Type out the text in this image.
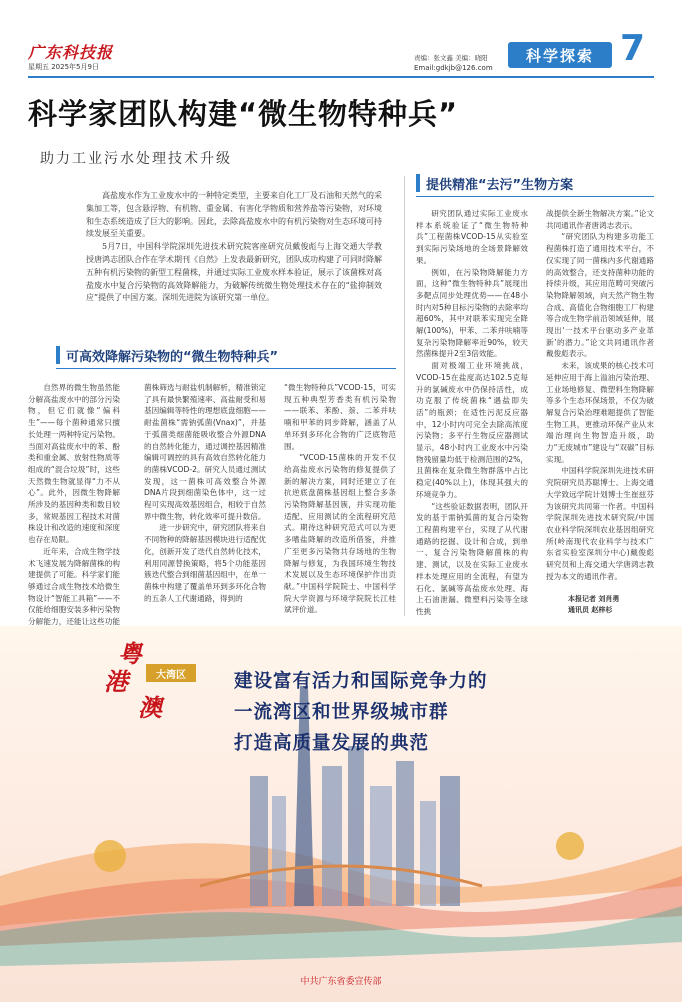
广东科技报
星期五 2025年5月9日
责编：张文鑫 美编：晓阳
Email:gdkjb@126.com
科学探索 7
科学家团队构建“微生物特种兵”
助力工业污水处理技术升级
提供精准“去污”生物方案

高盐废水作为工业废水中的一种特定类型，主要来自化工厂及石油和天然气的采集加工等，包含悬浮物、有机物、重金属、有害化学物质和营养盐等污染物，对环境和生态系统造成了巨大的影响。因此，去除高盐废水中的有机污染物对生态环境可持续发展至关重要。

5月7日，中国科学院深圳先进技术研究院客座研究员戴俊彪与上海交通大学教授唐鸿志团队合作在学术期刊《自然》上发表最新研究，团队成功构建了可同时降解五种有机污染物的新型工程菌株，并通过实际工业废水样本验证，展示了该菌株对高盐废水中复合污染物的高效降解能力，为破解传统微生物处理技术存在的“盐抑制效应”提供了中国方案。深圳先进院为该研究第一单位。

可高效降解污染物的“微生物特种兵”

自然界的微生物虽然能分解高盐废水中的部分污染物，但它们就像“偏科生”——每个菌种通常只擅长处理一两种特定污染物。当面对高盐废水中的苯、酚类和重金属、放射性物质等组成的“混合垃圾”时，这些天然微生物就显得“力不从心”。此外，因微生物降解所涉及的基因种类和数目较多，常规基因工程技术对菌株设计和改造的速度和深度也存在局限。

近年来，合成生物学技术飞速发展为降解菌株的构建提供了可能。科学家们能够通过合成生物技术给微生物设计“智能工具箱”——不仅能给细胞安装多种污染物分解能力，还能让这些功能

菌株筛选与耐盐机制解析，精准锁定了具有最快繁殖速率、高盐耐受和易基因编辑等特性的理想底盘细胞——耐盐菌株“需钠弧菌(Vnax)”，并基于弧菌类细菌能吸收整合外源DNA的自然转化能力，通过调控基因精准编辑可调控的具有高效自然转化能力的菌株VCOD-2。研究人员通过测试发现，这一菌株可高效整合外源DNA片段到细菌染色体中，这一过程可实现高效基因组合，相较于自然界中微生物，转化效率可提升数倍。

进一步研究中，研究团队将来自不同物种的降解基因模块进行适配优化，创新开发了迭代自然转化技术，利用同源替换策略，将5个功能基因簇迭代整合到细菌基因组中，在单一菌株中构建了覆盖单环到多环化合物的五条人工代谢通路，得到的

“微生物特种兵”VCOD-15，可实现五种典型芳香类有机污染物——联苯、苯酚、萘、二苯并呋喃和甲苯的同步降解，涵盖了从单环到多环化合物的广泛底物范围。

“VCOD-15菌株的开发不仅给高盐废水污染物的修复提供了新的解决方案，同时还建立了在抗逆底盘菌株基因组上整合多条污染物降解基因簇，并实现功能适配、应用测试的全流程研究范式。期待这种研究范式可以为更多嗜盐降解的改造所借鉴，并推广至更多污染物共存场地的生物降解与修复，为我国环境生物技术发展以及生态环境保护作出贡献。”中国科学院院士、中国科学院大学资源与环境学院院长江桂斌评价道。

研究团队通过实际工业废水样本系统验证了“微生物特种兵”工程菌株VCOD-15从实验室到实际污染场地的全场景降解效果。

例如，在污染物降解能力方面，这种“微生物特种兵”展现出多靶点同步处理优势——在48小时内对5种目标污染物的去除率均超60%，其中对联苯实现完全降解(100%)，甲苯、二苯并呋喃等复杂污染物降解率近90%，较天然菌株提升2至3倍效能。

面对极端工业环境挑战，VCOD-15在盐度高达102.5克每升的氯碱废水中仍保持活性，成功克服了传统菌株“遇盐即失活”的瓶颈；在适性污泥反应器中，12小时内可完全去除高浓度污染物；多平行生物反应器测试显示，48小时内工业废水中污染物残留量均低于检测范围的2%，且菌株在复杂微生物群落中占比稳定(40%以上)，体现其强大的环境竞争力。

“这些验证数据表明，团队开发的基于需钠弧菌的复合污染物工程菌构建平台，实现了从代谢通路的挖掘、设计和合成，到单一、复合污染物降解菌株的构建、测试，以及在实际工业废水样本处理应用的全流程，有望为石化、氯碱等高盐废水处理、海上石油泄漏、微塑料污染等全球性挑

战提供全新生物解决方案。”论文共同通讯作者唐鸿志表示。

“研究团队为构建多功能工程菌株打造了通用技术平台，不仅实现了同一菌株内多代谢通路的高效整合，还支持菌种功能的持续升级，其应用范畴可突破污染物降解领域，向天然产物生物合成、高值化合物细胞工厂构建等合成生物学前沿领域延伸，展现出‘一技术平台驱动多产业革新’的潜力。”论文共同通讯作者戴俊彪表示。

未来，该成果的核心技术可延伸应用于海上溢油污染治理、工业场地修复、微塑料生物降解等多个生态环保场景，不仅为破解复合污染治理难题提供了智能生物工具，更推动环保产业从末端治理向生物智造升级，助力“无废城市”建设与“双碳”目标实现。

中国科学院深圳先进技术研究院研究员苏聪博士、上海交通大学致远学院计划博士生崔兹芬为该研究共同第一作者。中国科学院深圳先进技术研究院/中国农业科学院深圳农业基因组研究所(岭南现代农业科学与技术广东省实验室深圳分中心)戴俊彪研究员和上海交通大学唐鸿志教授为本文的通讯作者。

本报记者 刘肖勇
通讯员 赵梓杉
粤
港
澳
大湾区	建设富有活力和国际竞争力的
一流湾区和世界级城市群
打造高质量发展的典范
中共广东省委宣传部
